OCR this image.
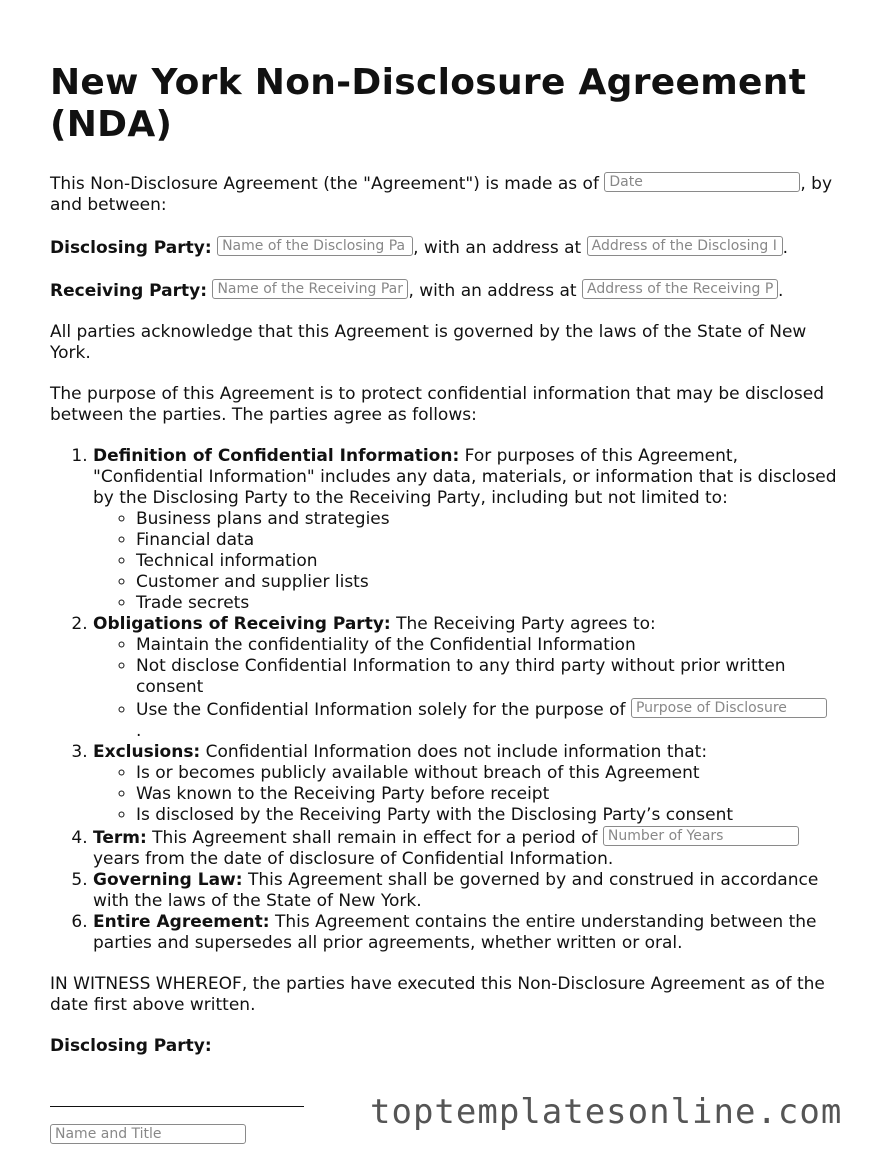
New York Non-Disclosure Agreement (NDA)

This Non-Disclosure Agreement (the "Agreement") is made as of Date	, by and between:

Disclosing Party: Name of the Disclosing Pa , with an address at Address of the Disclosing I .

Receiving Party: Name of the Receiving Par , with an address at Address of the Receiving P .

All parties acknowledge that this Agreement is governed by the laws of the State of New York.

The purpose of this Agreement is to protect confidential information that may be disclosed between the parties. The parties agree as follows:

1. Definition of Confidential Information: For purposes of this Agreement, "Confidential Information" includes any data, materials, or information that is disclosed by the Disclosing Party to the Receiving Party, including but not limited to:
◦ Business plans and strategies
◦ Financial data
◦ Technical information
◦ Customer and supplier lists
◦ Trade secrets
2. Obligations of Receiving Party: The Receiving Party agrees to:
◦ Maintain the confidentiality of the Confidential Information
◦ Not disclose Confidential Information to any third party without prior written consent
◦ Use the Confidential Information solely for the purpose of Purpose of Disclosure
.
3. Exclusions: Confidential Information does not include information that:
◦ Is or becomes publicly available without breach of this Agreement
◦ Was known to the Receiving Party before receipt
◦ Is disclosed by the Receiving Party with the Disclosing Party’s consent
4. Term: This Agreement shall remain in effect for a period of Number of Years years from the date of disclosure of Confidential Information.
5. Governing Law: This Agreement shall be governed by and construed in accordance with the laws of the State of New York.
6. Entire Agreement: This Agreement contains the entire understanding between the parties and supersedes all prior agreements, whether written or oral.

IN WITNESS WHEREOF, the parties have executed this Non-Disclosure Agreement as of the date first above written.

Disclosing Party:
Name and Title
toptemplatesonline.com
